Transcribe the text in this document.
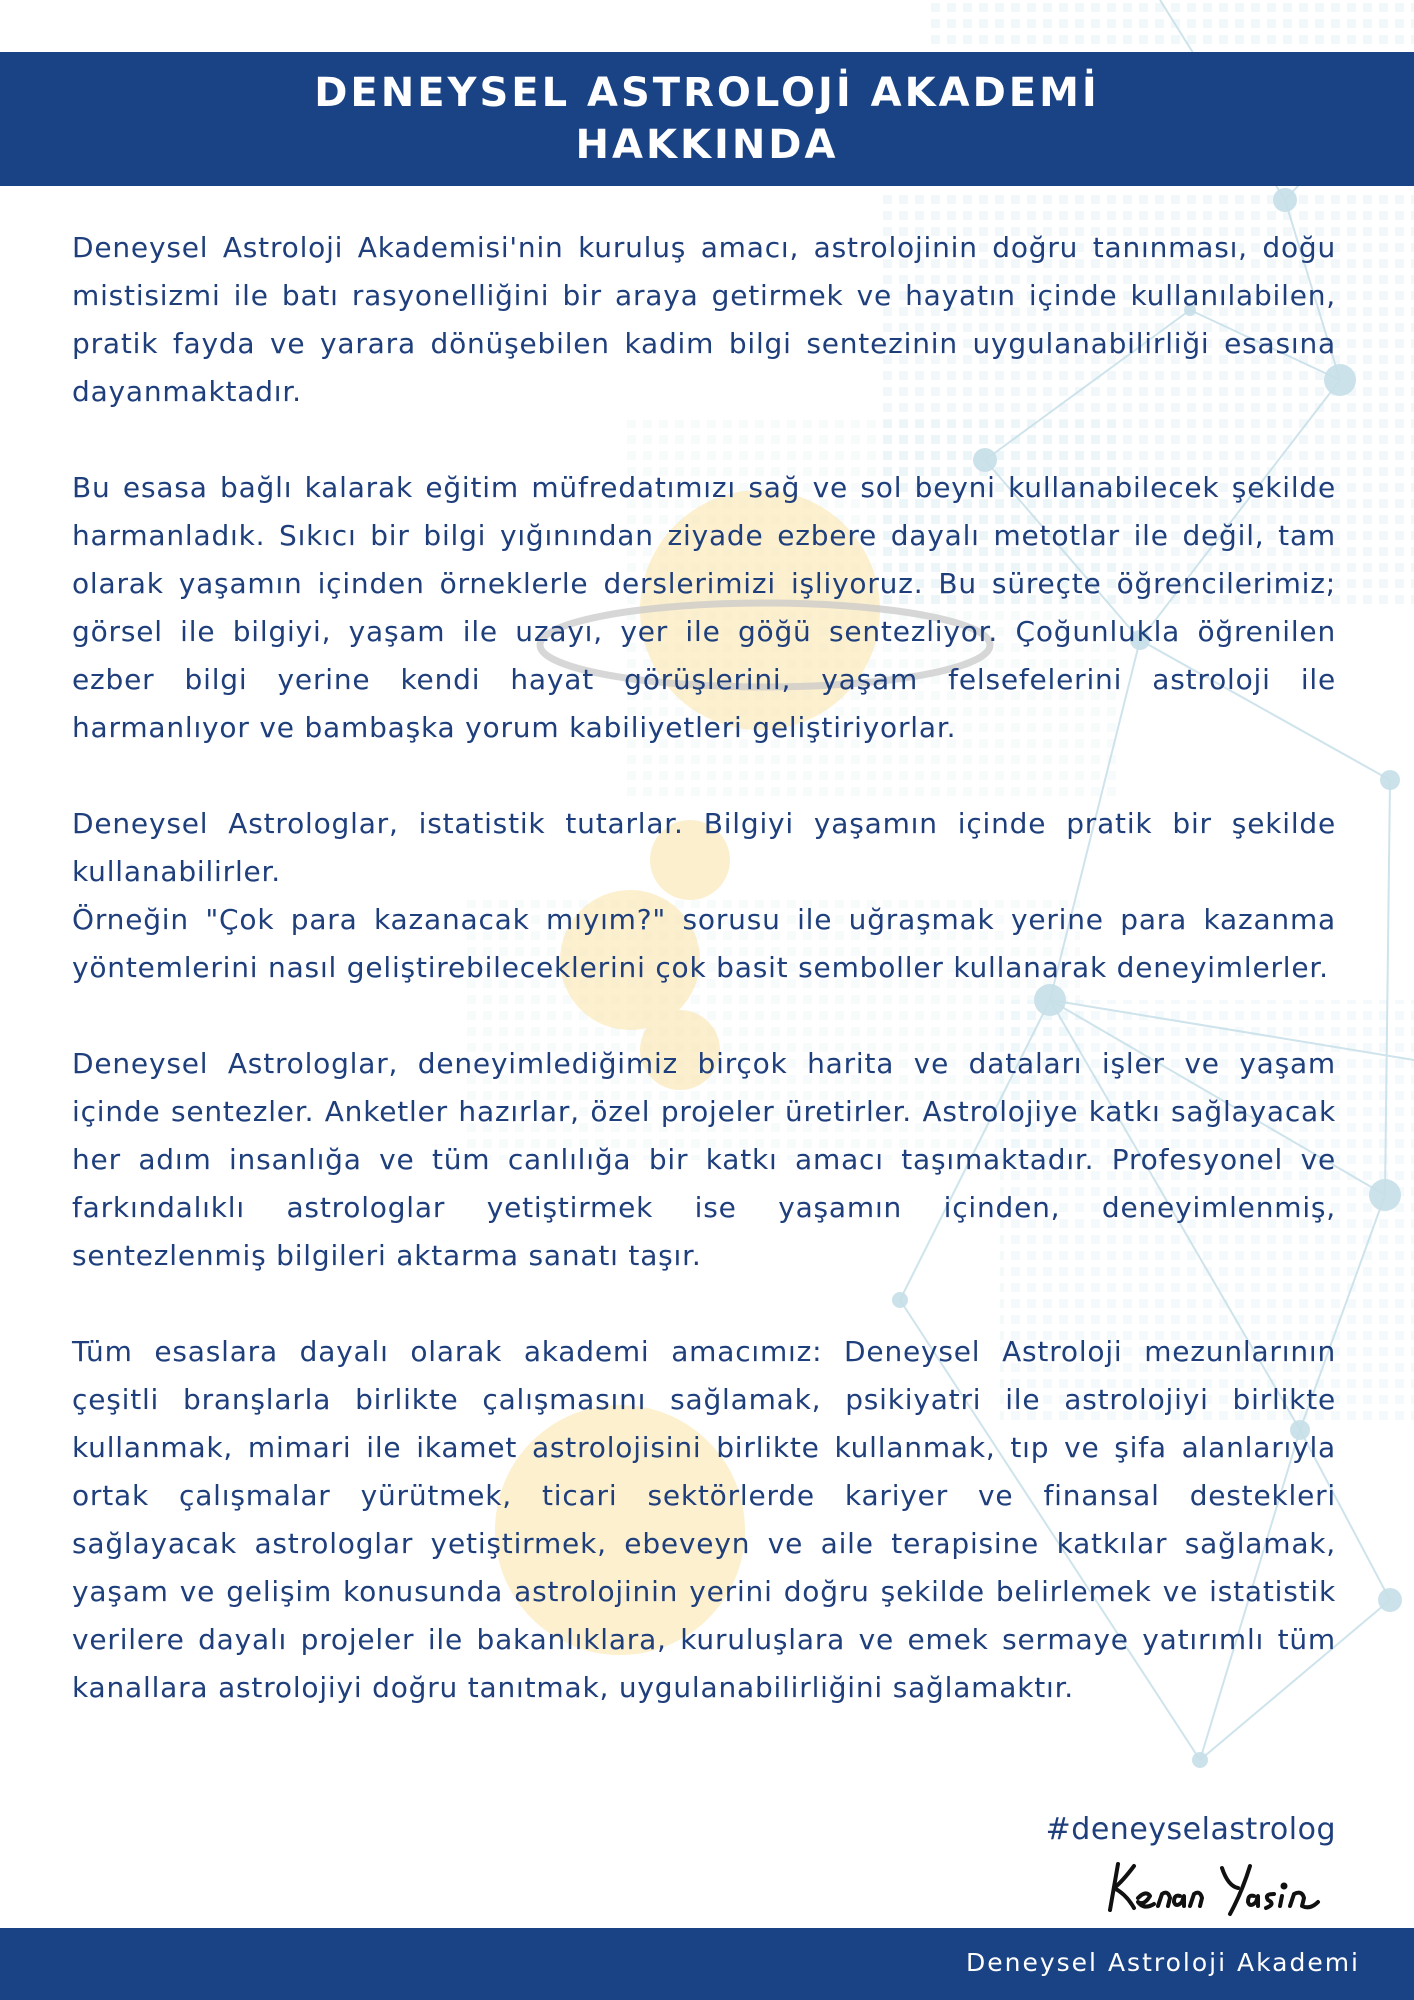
DENEYSEL ASTROLOJİ AKADEMİ
HAKKINDA

Deneysel Astroloji Akademisi'nin kuruluş amacı, astrolojinin doğru tanınması, doğu mistisizmi ile batı rasyonelliğini bir araya getirmek ve hayatın içinde kullanılabilen, pratik fayda ve yarara dönüşebilen kadim bilgi sentezinin uygulanabilirliği esasına dayanmaktadır.

Bu esasa bağlı kalarak eğitim müfredatımızı sağ ve sol beyni kullanabilecek şekilde harmanladık. Sıkıcı bir bilgi yığınından ziyade ezbere dayalı metotlar ile değil, tam olarak yaşamın içinden örneklerle derslerimizi işliyoruz. Bu süreçte öğrencilerimiz; görsel ile bilgiyi, yaşam ile uzayı, yer ile göğü sentezliyor. Çoğunlukla öğrenilen ezber bilgi yerine kendi hayat görüşlerini, yaşam felsefelerini astroloji ile harmanlıyor ve bambaşka yorum kabiliyetleri geliştiriyorlar.

Deneysel Astrologlar, istatistik tutarlar. Bilgiyi yaşamın içinde pratik bir şekilde kullanabilirler.
Örneğin "Çok para kazanacak mıyım?" sorusu ile uğraşmak yerine para kazanma yöntemlerini nasıl geliştirebileceklerini çok basit semboller kullanarak deneyimlerler.

Deneysel Astrologlar, deneyimlediğimiz birçok harita ve dataları işler ve yaşam içinde sentezler. Anketler hazırlar, özel projeler üretirler. Astrolojiye katkı sağlayacak her adım insanlığa ve tüm canlılığa bir katkı amacı taşımaktadır. Profesyonel ve farkındalıklı astrologlar yetiştirmek ise yaşamın içinden, deneyimlenmiş, sentezlenmiş bilgileri aktarma sanatı taşır.

Tüm esaslara dayalı olarak akademi amacımız: Deneysel Astroloji mezunlarının çeşitli branşlarla birlikte çalışmasını sağlamak, psikiyatri ile astrolojiyi birlikte kullanmak, mimari ile ikamet astrolojisini birlikte kullanmak, tıp ve şifa alanlarıyla ortak çalışmalar yürütmek, ticari sektörlerde kariyer ve finansal destekleri sağlayacak astrologlar yetiştirmek, ebeveyn ve aile terapisine katkılar sağlamak, yaşam ve gelişim konusunda astrolojinin yerini doğru şekilde belirlemek ve istatistik verilere dayalı projeler ile bakanlıklara, kuruluşlara ve emek sermaye yatırımlı tüm kanallara astrolojiyi doğru tanıtmak, uygulanabilirliğini sağlamaktır.

#deneyselastrolog
Deneysel Astroloji Akademi
